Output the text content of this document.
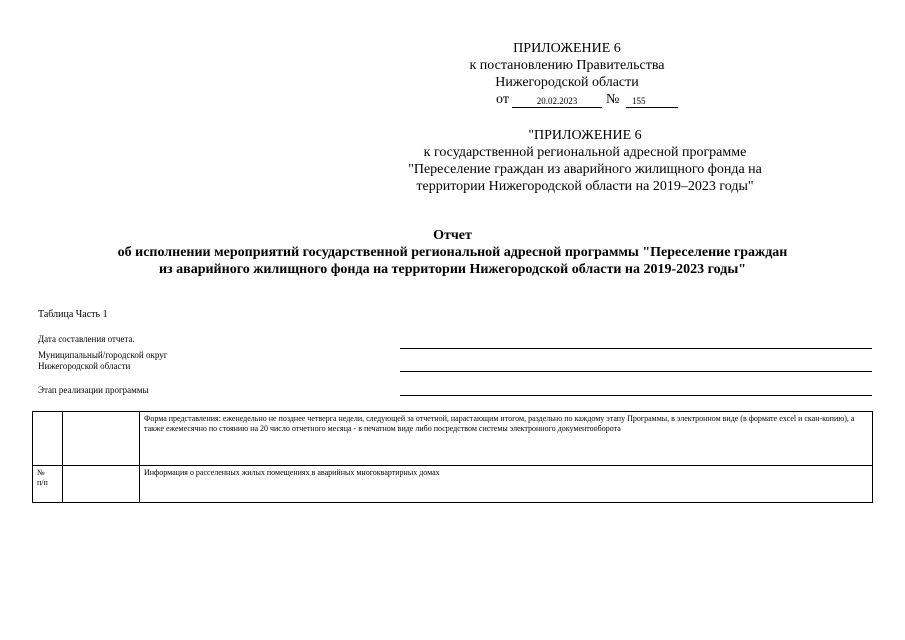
ПРИЛОЖЕНИЕ 6
к постановлению Правительства
Нижегородской области
от	20.02.2023	№ 155
"ПРИЛОЖЕНИЕ 6
к государственной региональной адресной программе
"Переселение граждан из аварийного жилищного фонда на
территории Нижегородской области на 2019–2023 годы"
Отчет
об исполнении мероприятий государственной региональной адресной программы "Переселение граждан
из аварийного жилищного фонда на территории Нижегородской области на 2019-2023 годы"
Таблица Часть 1
Дата составления отчета.
Муниципальный/городской округ
Нижегородской области
Этап реализации программы
		Форма представления: еженедельно не позднее четверга недели, следующей за отчетной, нарастающим итогом, раздельно по каждому этапу Программы, в электронном виде (в формате excel и скан-копию), а также ежемесячно по стоянию на 20 число отчетного месяца - в печатном виде либо посредством системы электронного документооборота

№
п/п		Информация о расселенных жилых помещениях в аварийных многоквартирных домах
